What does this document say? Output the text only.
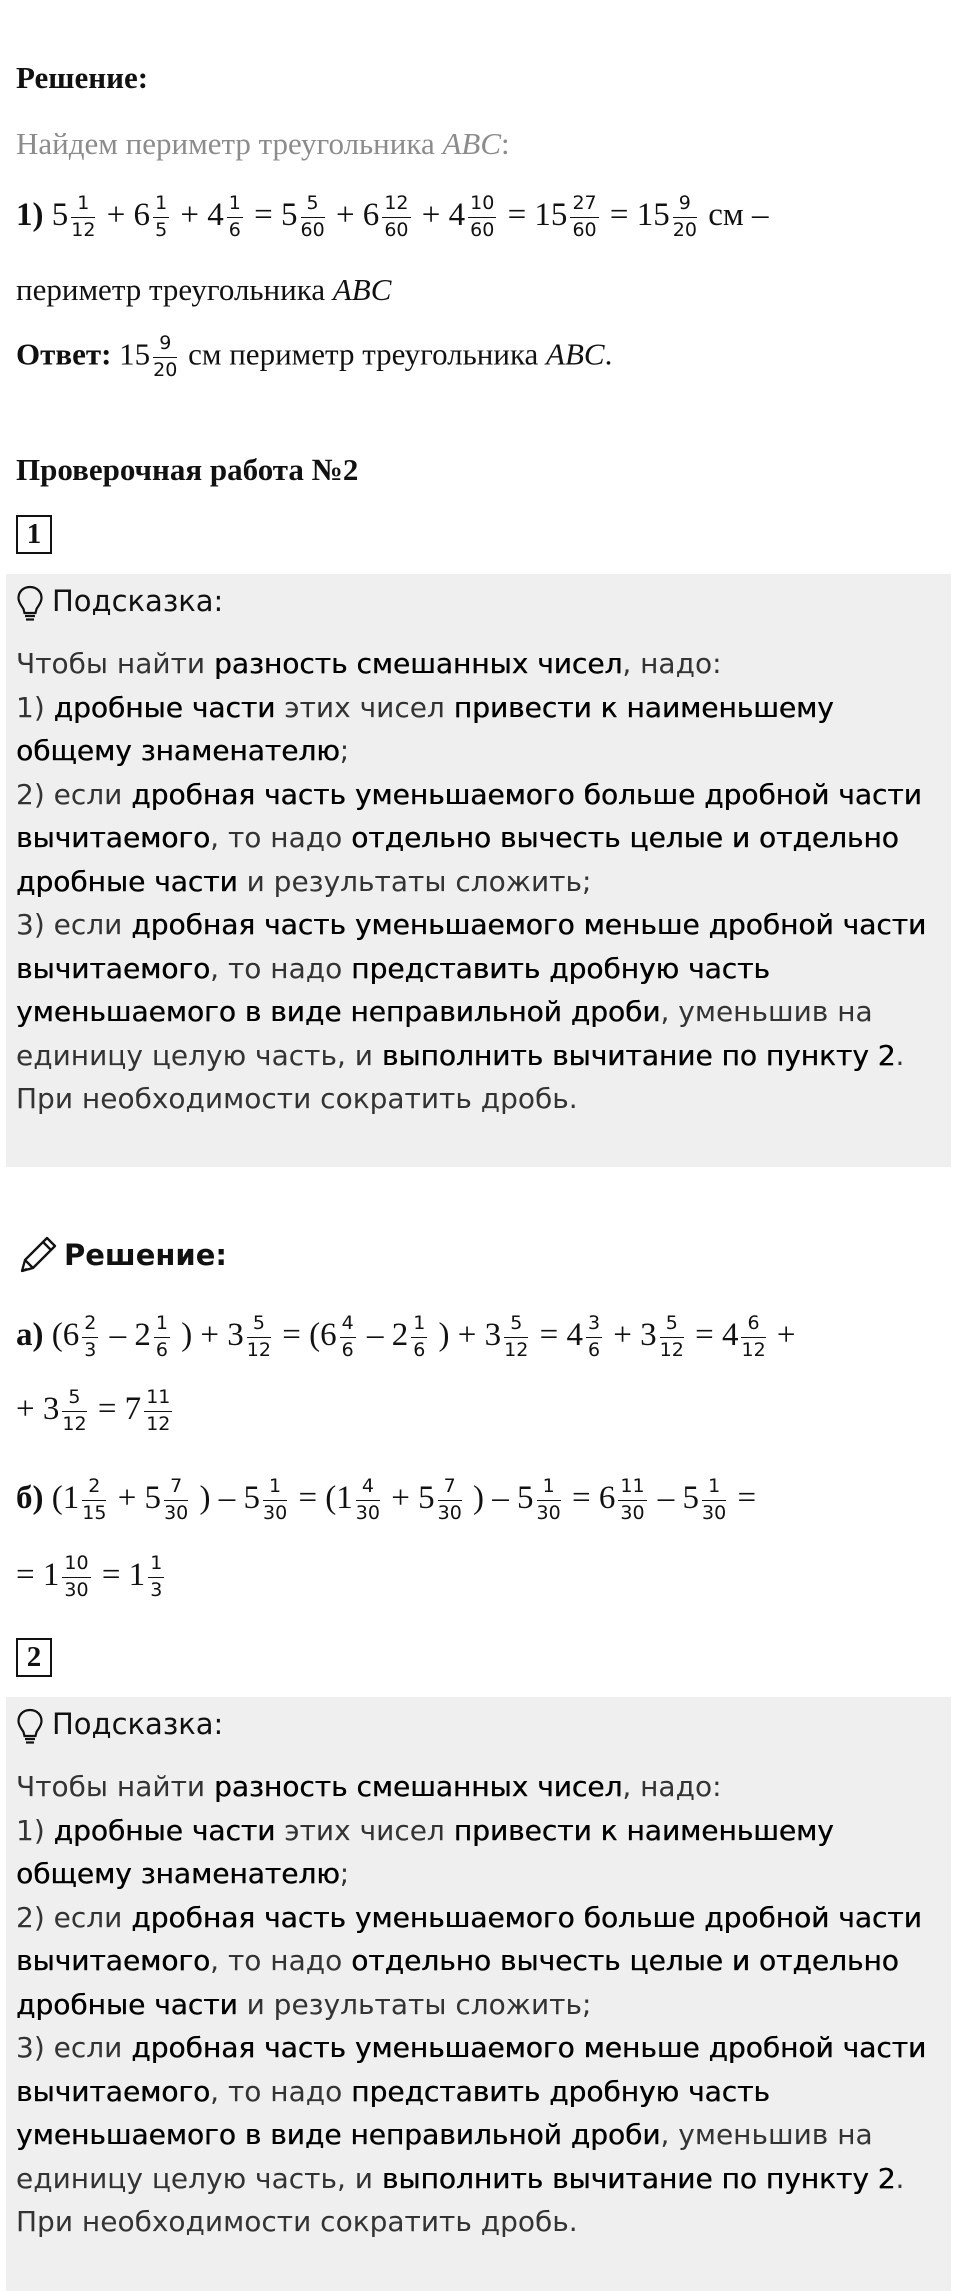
Решение:
Найдем периметр треугольника ABC:
1) $5 \frac{1}{12} + 6 \frac{1}{5} + 4 \frac{1}{6} = 5 \frac{5}{60} + 6 \frac{12}{60} + 4 \frac{10}{60} = 15 \frac{27}{60} = 15 \frac{9}{20}$ см –
периметр треугольника ABC
Ответ: $15 \frac{9}{20}$ см периметр треугольника ABC.
Проверочная работа №2
1
Подсказка:
Чтобы найти разность смешанных чисел, надо:
1) дробные части этих чисел привести к наименьшему общему знаменателю;
2) если дробная часть уменьшаемого больше дробной части вычитаемого, то надо отдельно вычесть целые и отдельно дробные части и результаты сложить;
3) если дробная часть уменьшаемого меньше дробной части вычитаемого, то надо представить дробную часть уменьшаемого в виде неправильной дроби, уменьшив на единицу целую часть, и выполнить вычитание по пункту 2.
При необходимости сократить дробь.
Решение:
а) ($6 \frac{2}{3} - 2 \frac{1}{6}$ ) + $3 \frac{5}{12} = (6 \frac{4}{6} - 2 \frac{1}{6}$ ) + $3 \frac{5}{12} = 4 \frac{3}{6} + 3 \frac{5}{12} = 4 \frac{6}{12}$ +
+ $3 \frac{5}{12} = 7 \frac{11}{12}$
б) ($1 \frac{2}{15} + 5 \frac{7}{30}$ ) – $5 \frac{1}{30} = (1 \frac{4}{30} + 5 \frac{7}{30}$ ) – $5 \frac{1}{30} = 6 \frac{11}{30} - 5 \frac{1}{30}$ =
= $1 \frac{10}{30} = 1 \frac{1}{3}$
2
Подсказка:
Чтобы найти разность смешанных чисел, надо:
1) дробные части этих чисел привести к наименьшему общему знаменателю;
2) если дробная часть уменьшаемого больше дробной части вычитаемого, то надо отдельно вычесть целые и отдельно дробные части и результаты сложить;
3) если дробная часть уменьшаемого меньше дробной части вычитаемого, то надо представить дробную часть уменьшаемого в виде неправильной дроби, уменьшив на единицу целую часть, и выполнить вычитание по пункту 2.
При необходимости сократить дробь.
